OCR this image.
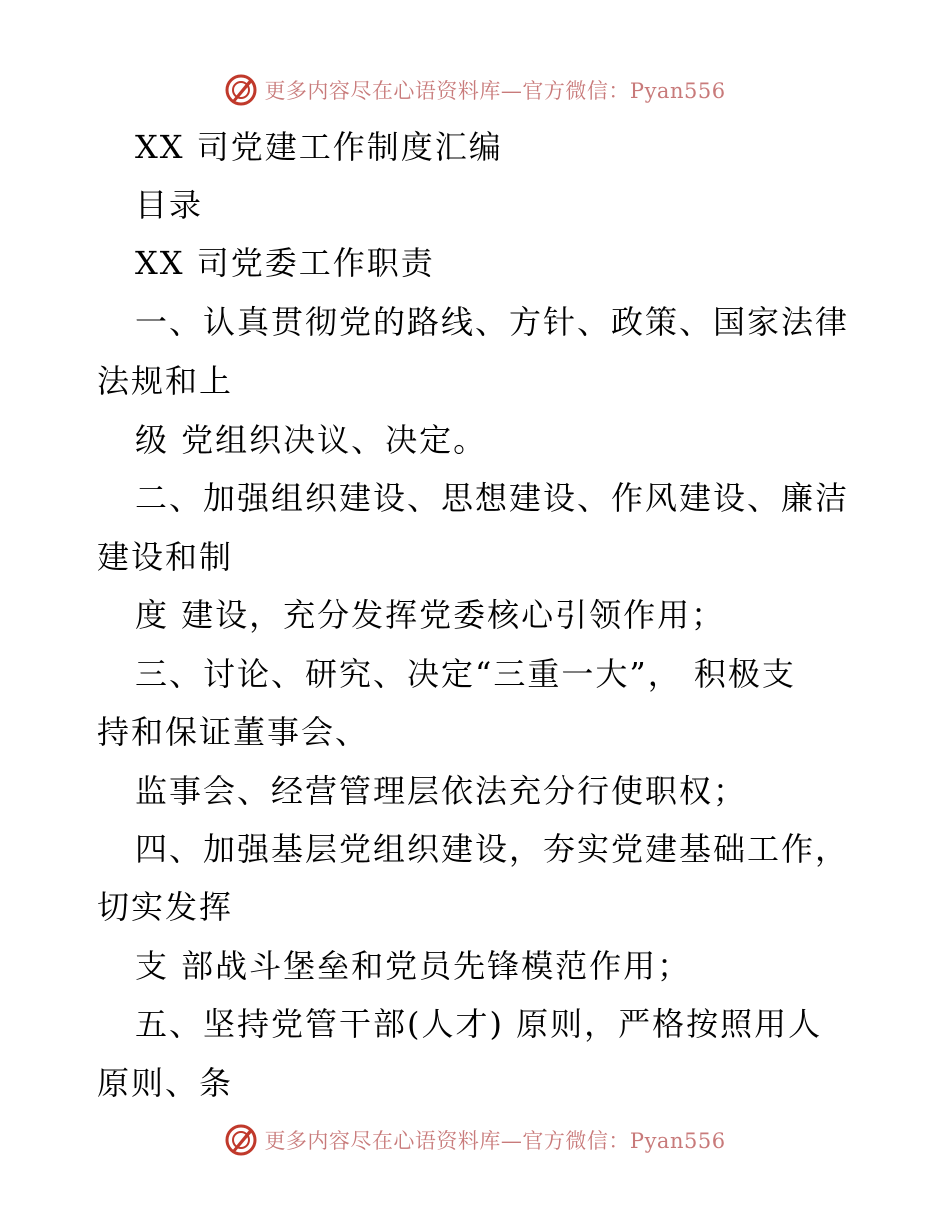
更多内容尽在心语资料库—官方微信：Pyan556
XX 司党建工作制度汇编
目录
XX 司党委工作职责
一、认真贯彻党的路线、方针、政策、国家法律
法规和上
级 党组织决议、决定。
二、加强组织建设、思想建设、作风建设、廉洁
建设和制
度 建设，充分发挥党委核心引领作用；
三、讨论、研究、决定“三重一大”， 积极支
持和保证董事会、
监事会、经营管理层依法充分行使职权；
四、加强基层党组织建设，夯实党建基础工作，
切实发挥
支 部战斗堡垒和党员先锋模范作用；
五、坚持党管干部(人才) 原则，严格按照用人
原则、条
更多内容尽在心语资料库—官方微信：Pyan556
